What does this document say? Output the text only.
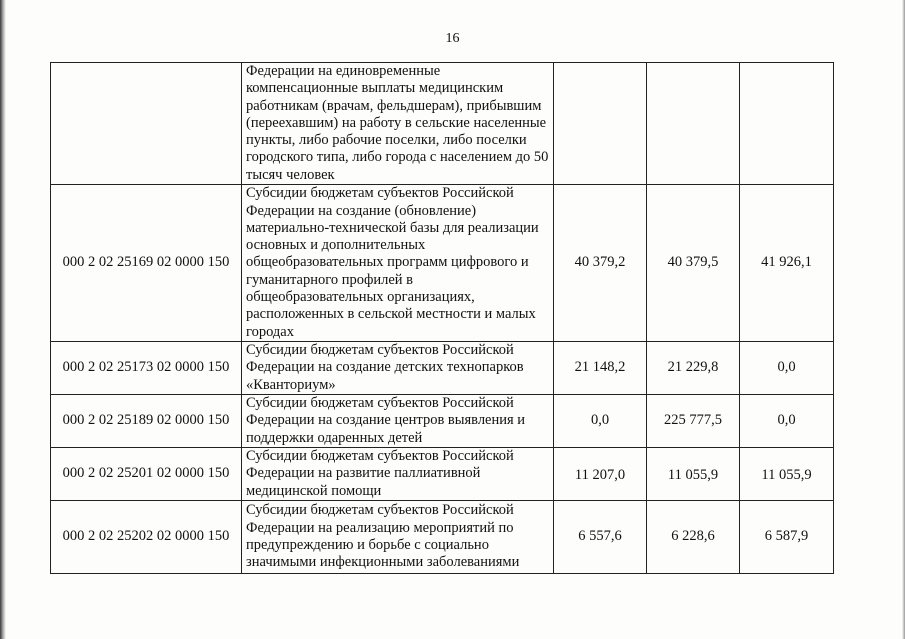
16
	Федерации на единовременные компенсационные выплаты медицинским работникам (врачам, фельдшерам), прибывшим (переехавшим) на работу в сельские населенные пункты, либо рабочие поселки, либо поселки городского типа, либо города с населением до 50 тысяч человек			
000 2 02 25169 02 0000 150	Субсидии бюджетам субъектов Российской Федерации на создание (обновление) материально-технической базы для реализации основных и дополнительных общеобразовательных программ цифрового и гуманитарного профилей в общеобразовательных организациях, расположенных в сельской местности и малых городах	40 379,2	40 379,5	41 926,1
000 2 02 25173 02 0000 150	Субсидии бюджетам субъектов Российской Федерации на создание детских технопарков «Кванториум»	21 148,2	21 229,8	0,0
000 2 02 25189 02 0000 150	Субсидии бюджетам субъектов Российской Федерации на создание центров выявления и поддержки одаренных детей	0,0	225 777,5	0,0
000 2 02 25201 02 0000 150	Субсидии бюджетам субъектов Российской Федерации на развитие паллиативной медицинской помощи	11 207,0	11 055,9	11 055,9
000 2 02 25202 02 0000 150	Субсидии бюджетам субъектов Российской Федерации на реализацию мероприятий по предупреждению и борьбе с социально значимыми инфекционными заболеваниями	6 557,6	6 228,6	6 587,9
